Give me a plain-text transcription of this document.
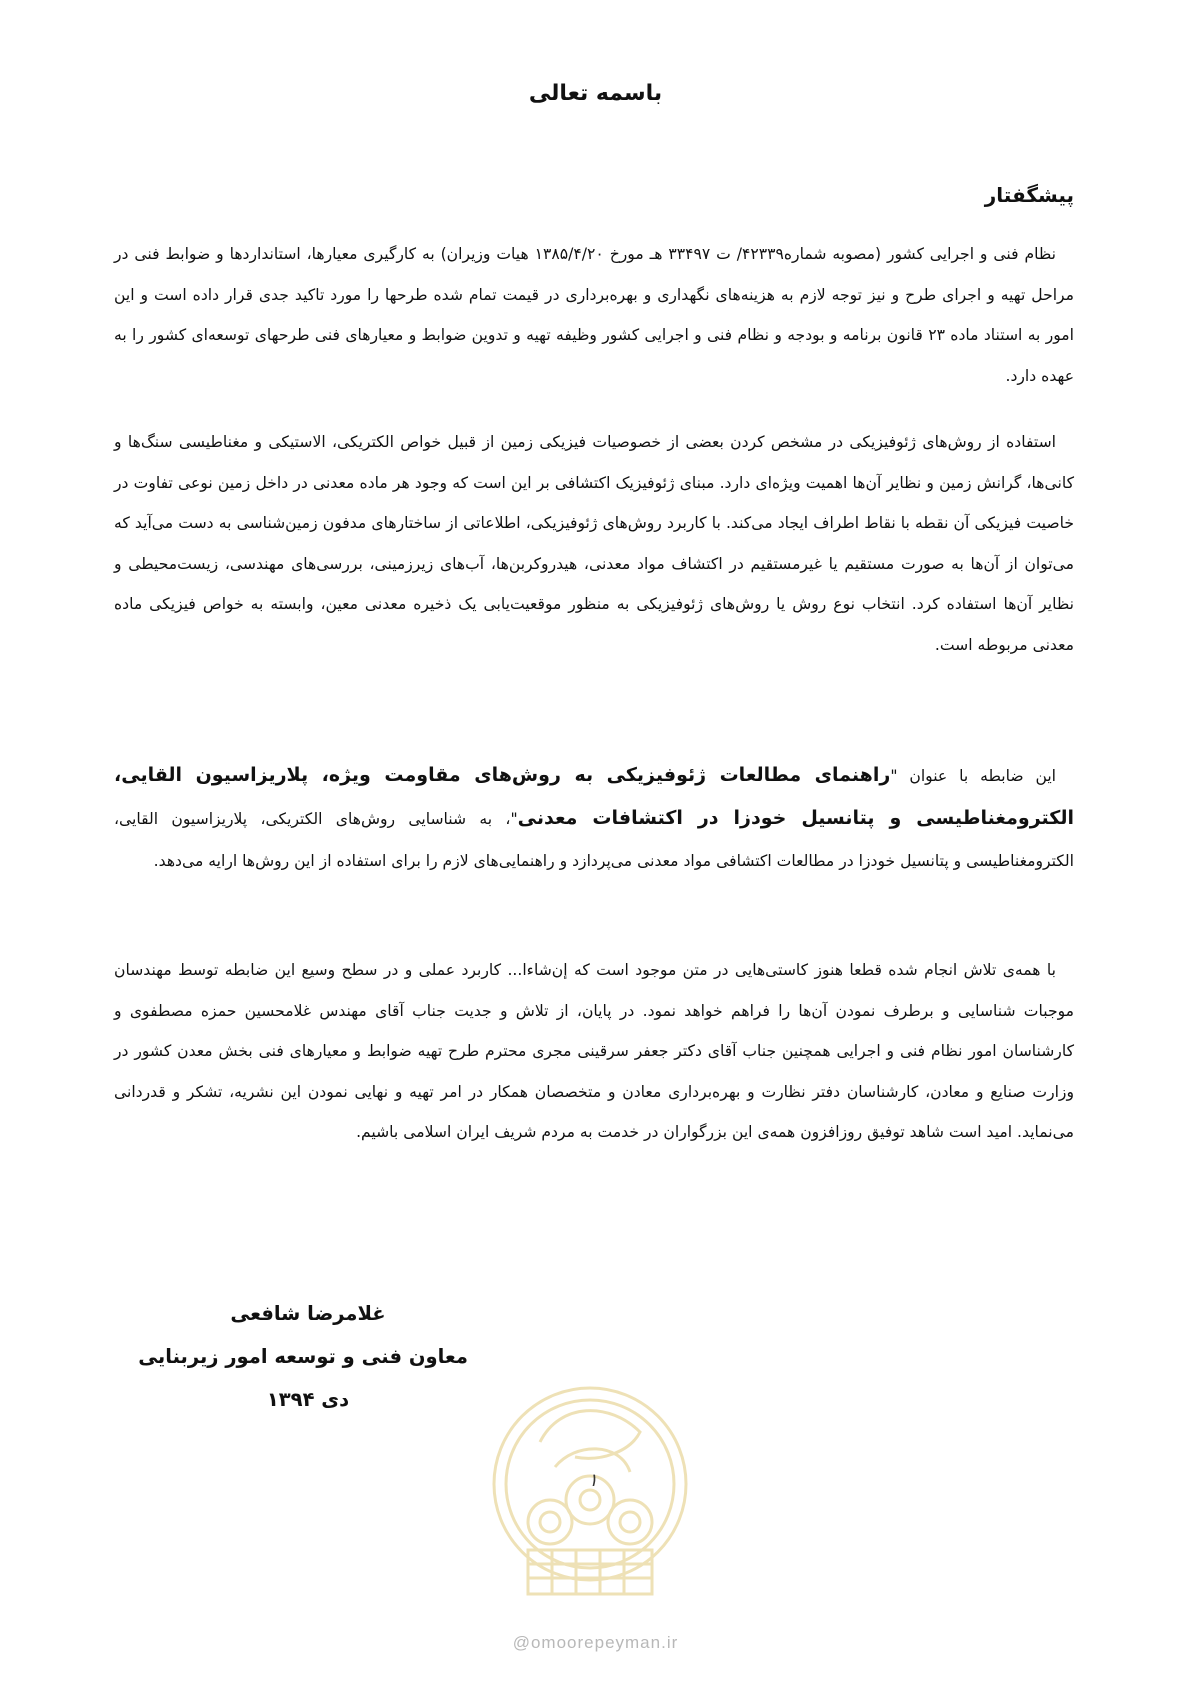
باسمه تعالی
پیشگفتار

نظام فنی و اجرایی کشور (مصوبه شماره۴۲۳۳۹/ ت ۳۳۴۹۷ هـ مورخ ۱۳۸۵/۴/۲۰ هیات وزیران) به کارگیری معیارها، استانداردها و ضوابط فنی در مراحل تهیه و اجرای طرح و نیز توجه لازم به هزینه‌های نگهداری و بهره‌برداری در قیمت تمام شده طرحها را مورد تاکید جدی قرار داده است و این امور به استناد ماده ۲۳ قانون برنامه و بودجه و نظام فنی و اجرایی کشور وظیفه تهیه و تدوین ضوابط و معیارهای فنی طرحهای توسعه‌ای کشور را به عهده دارد.

استفاده از روش‌های ژئوفیزیکی در مشخص کردن بعضی از خصوصیات فیزیکی زمین از قبیل خواص الکتریکی، الاستیکی و مغناطیسی سنگ‌ها و کانی‌ها، گرانش زمین و نظایر آن‌ها اهمیت ویژه‌ای دارد. مبنای ژئوفیزیک اکتشافی بر این است که وجود هر ماده معدنی در داخل زمین نوعی تفاوت در خاصیت فیزیکی آن نقطه با نقاط اطراف ایجاد می‌کند. با کاربرد روش‌های ژئوفیزیکی، اطلاعاتی از ساختارهای مدفون زمین‌شناسی به دست می‌آید که می‌توان از آن‌ها به صورت مستقیم یا غیرمستقیم در اکتشاف مواد معدنی، هیدروکربن‌ها، آب‌های زیرزمینی، بررسی‌های مهندسی، زیست‌محیطی و نظایر آن‌ها استفاده کرد. انتخاب نوع روش یا روش‌های ژئوفیزیکی به منظور موقعیت‌یابی یک ذخیره معدنی معین، وابسته به خواص فیزیکی ماده معدنی مربوطه است.

این ضابطه با عنوان "راهنمای مطالعات ژئوفیزیکی به روش‌های مقاومت ویژه، پلاریزاسیون القایی، الکترومغناطیسی و پتانسیل خودزا در اکتشافات معدنی"، به شناسایی روش‌های الکتریکی، پلاریزاسیون القایی، الکترومغناطیسی و پتانسیل خودزا در مطالعات اکتشافی مواد معدنی می‌پردازد و راهنمایی‌های لازم را برای استفاده از این روش‌ها ارایه می‌دهد.

با همه‌ی تلاش انجام شده قطعا هنوز کاستی‌هایی در متن موجود است که إن‌شاءا... کاربرد عملی و در سطح وسیع این ضابطه توسط مهندسان موجبات شناسایی و برطرف نمودن آن‌ها را فراهم خواهد نمود. در پایان، از تلاش و جدیت جناب آقای مهندس غلامحسین حمزه مصطفوی و کارشناسان امور نظام فنی و اجرایی همچنین جناب آقای دکتر جعفر سرقینی مجری محترم طرح تهیه ضوابط و معیارهای فنی بخش معدن کشور در وزارت صنایع و معادن، کارشناسان دفتر نظارت و بهره‌برداری معادن و متخصصان همکار در امر تهیه و نهایی نمودن این نشریه، تشکر و قدردانی می‌نماید. امید است شاهد توفیق روزافزون همه‌ی این بزرگواران در خدمت به مردم شریف ایران اسلامی باشیم.

غلامرضا شافعی
معاون فنی و توسعه امور زیربنایی
دی ۱۳۹۴
۱
@omoorepeyman.ir
